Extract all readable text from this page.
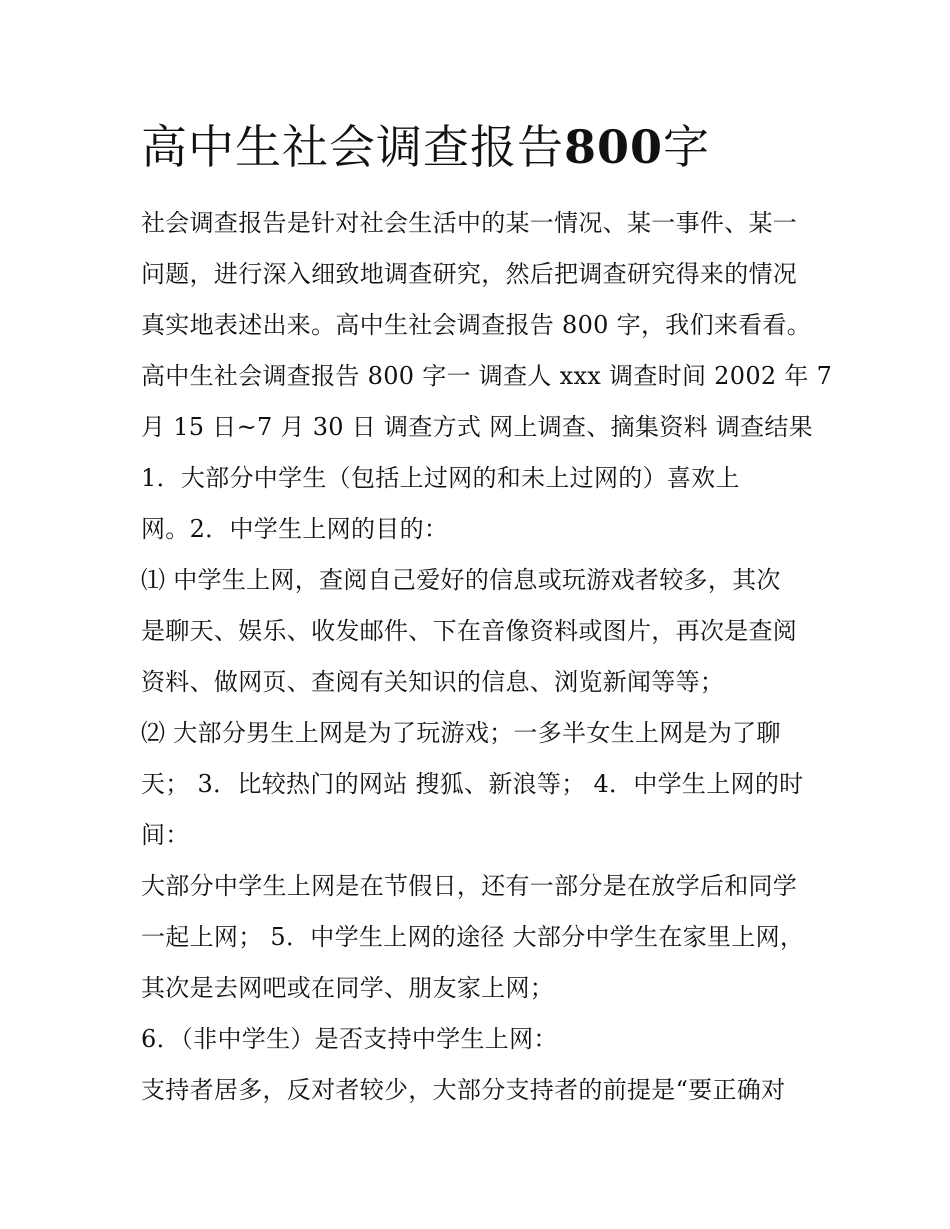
高中生社会调查报告800字
社会调查报告是针对社会生活中的某一情况、某一事件、某一
问题，进行深入细致地调查研究，然后把调查研究得来的情况
真实地表述出来。高中生社会调查报告 800 字，我们来看看。
高中生社会调查报告 800 字一 调查人 xxx 调查时间 2002 年 7
月 15 日~7 月 30 日 调查方式 网上调查、摘集资料 调查结果
1．大部分中学生（包括上过网的和未上过网的）喜欢上
网。2．中学生上网的目的：
⑴ 中学生上网，查阅自己爱好的信息或玩游戏者较多，其次
是聊天、娱乐、收发邮件、下在音像资料或图片，再次是查阅
资料、做网页、查阅有关知识的信息、浏览新闻等等；
⑵ 大部分男生上网是为了玩游戏；一多半女生上网是为了聊
天； 3．比较热门的网站 搜狐、新浪等； 4．中学生上网的时
间：
大部分中学生上网是在节假日，还有一部分是在放学后和同学
一起上网； 5．中学生上网的途径 大部分中学生在家里上网，
其次是去网吧或在同学、朋友家上网；
6．（非中学生）是否支持中学生上网：
支持者居多，反对者较少，大部分支持者的前提是“要正确对
